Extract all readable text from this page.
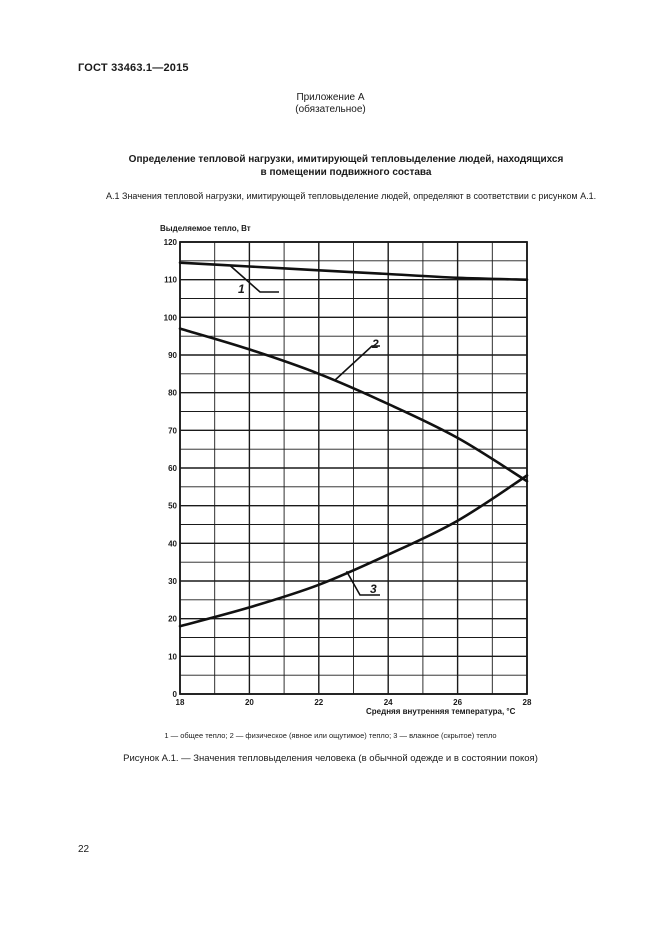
ГОСТ 33463.1—2015
Приложение А
(обязательное)
Определение тепловой нагрузки, имитирующей тепловыделение людей, находящихся
в помещении подвижного состава
А.1 Значения тепловой нагрузки, имитирующей тепловыделение людей, определяют в соответствии с рисунком А.1.
Выделяемое тепло, Вт
0
10
20
30
40
50
60
70
80
90
100
110
120
18	20	22	24	26	28
1
2
3
Средняя внутренняя температура, °С
1 — общее тепло; 2 — физическое (явное или ощутимое) тепло; 3 — влажное (скрытое) тепло
Рисунок А.1. — Значения тепловыделения человека (в обычной одежде и в состоянии покоя)
22
